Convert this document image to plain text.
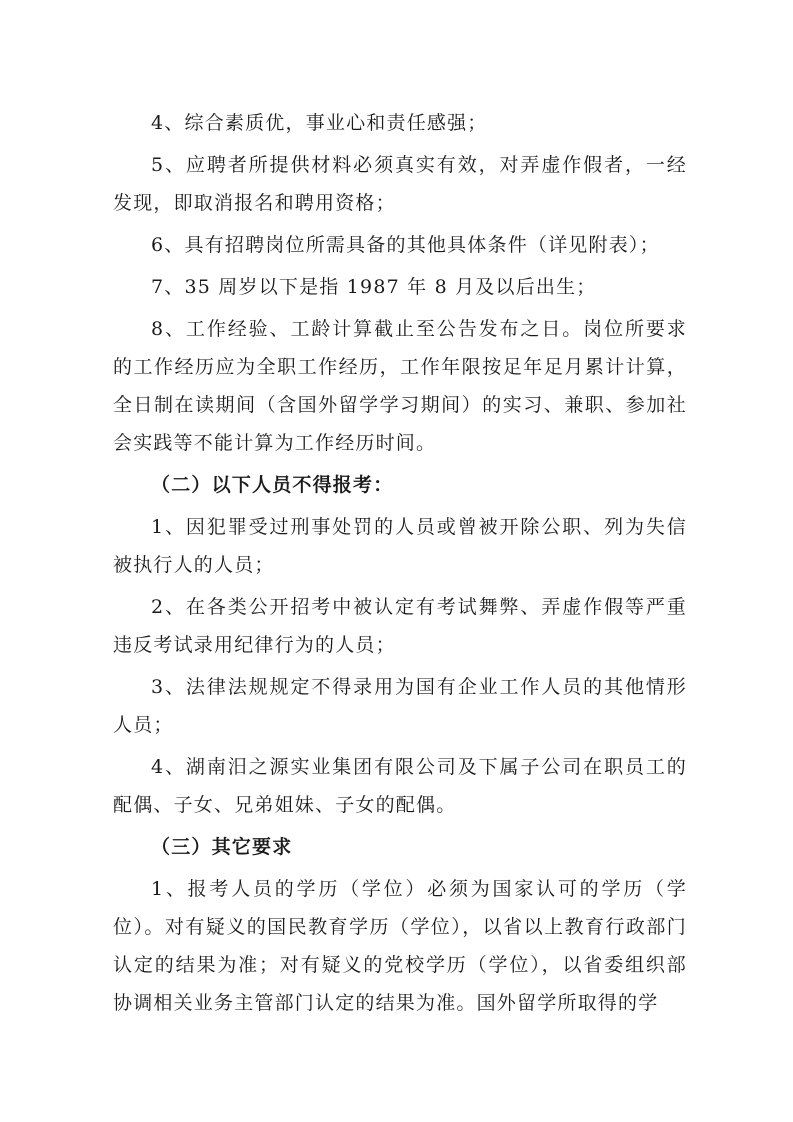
4、综合素质优，事业心和责任感强；

5、应聘者所提供材料必须真实有效，对弄虚作假者，一经发现，即取消报名和聘用资格；

6、具有招聘岗位所需具备的其他具体条件（详见附表）；

7、35 周岁以下是指 1987 年 8 月及以后出生；

8、工作经验、工龄计算截止至公告发布之日。岗位所要求的工作经历应为全职工作经历，工作年限按足年足月累计计算，全日制在读期间（含国外留学学习期间）的实习、兼职、参加社会实践等不能计算为工作经历时间。

（二）以下人员不得报考：

1、因犯罪受过刑事处罚的人员或曾被开除公职、列为失信被执行人的人员；

2、在各类公开招考中被认定有考试舞弊、弄虚作假等严重违反考试录用纪律行为的人员；

3、法律法规规定不得录用为国有企业工作人员的其他情形人员；

4、湖南汨之源实业集团有限公司及下属子公司在职员工的配偶、子女、兄弟姐妹、子女的配偶。

（三）其它要求

1、报考人员的学历（学位）必须为国家认可的学历（学位）。对有疑义的国民教育学历（学位），以省以上教育行政部门认定的结果为准；对有疑义的党校学历（学位），以省委组织部协调相关业务主管部门认定的结果为准。国外留学所取得的学
